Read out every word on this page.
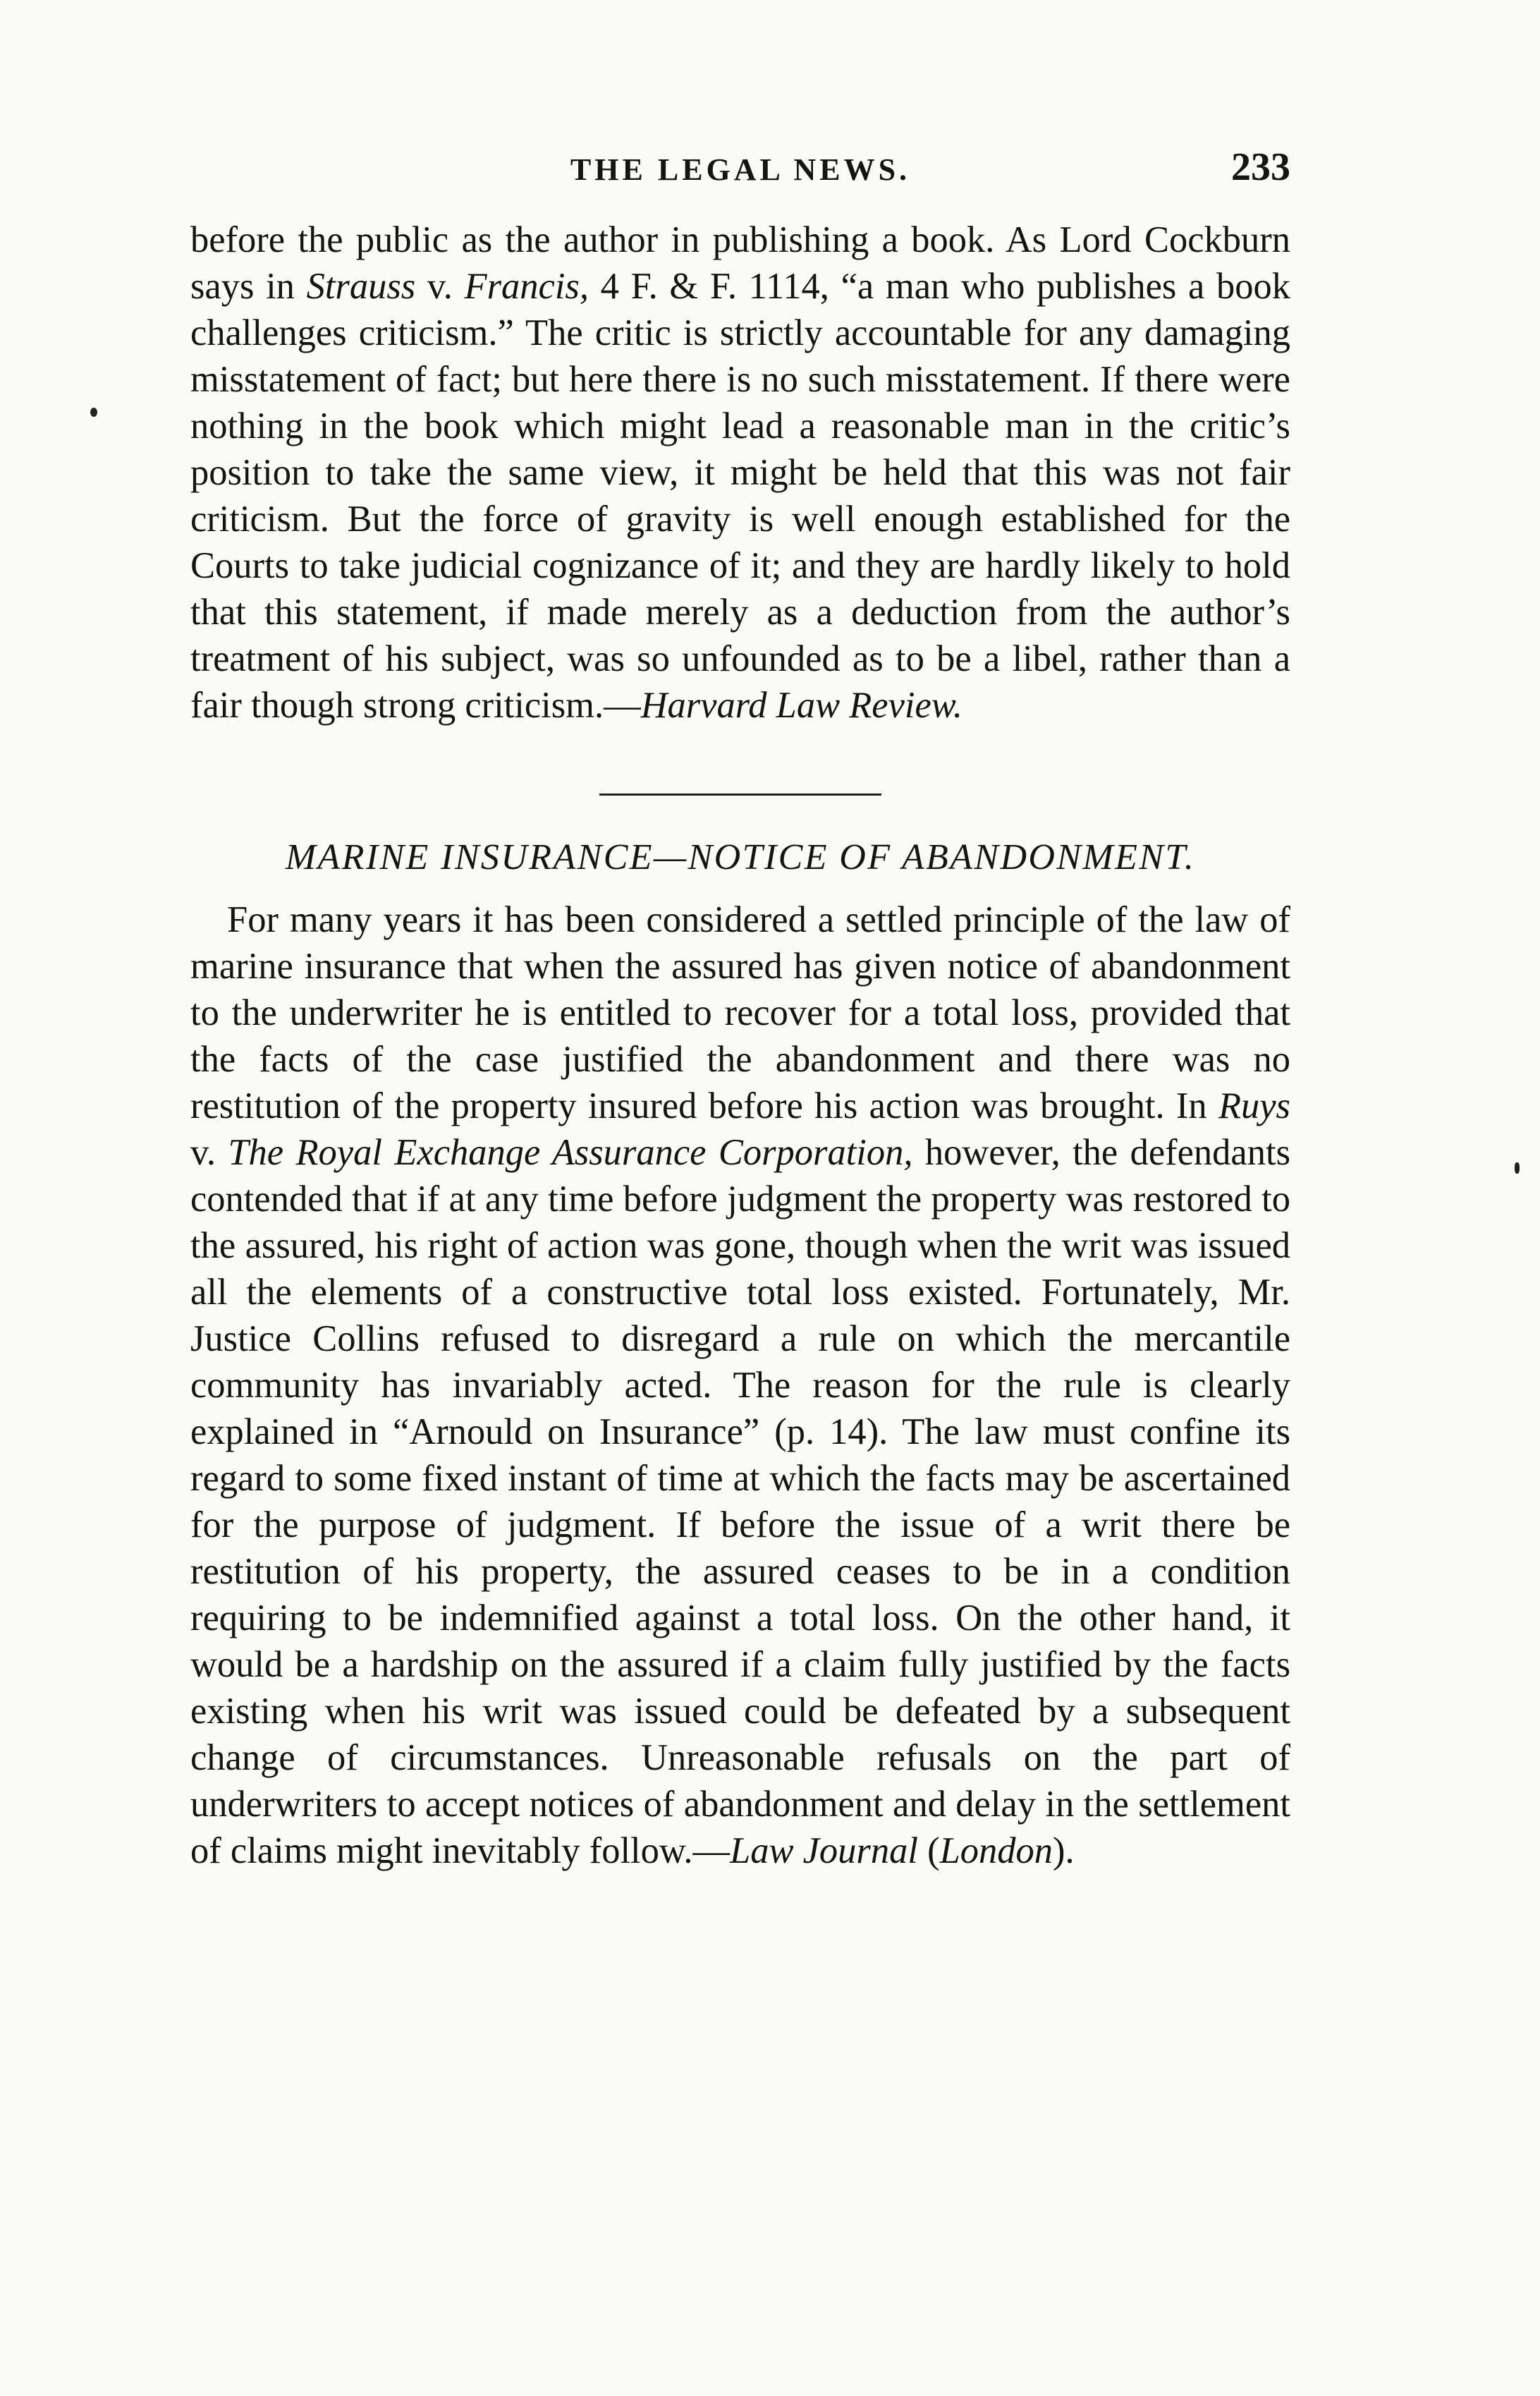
THE LEGAL NEWS.	233

before the public as the author in publishing a book. As Lord Cockburn says in Strauss v. Francis, 4 F. & F. 1114, “a man who publishes a book challenges criticism.” The critic is strictly accountable for any damaging misstatement of fact; but here there is no such misstatement. If there were nothing in the book which might lead a reasonable man in the critic’s position to take the same view, it might be held that this was not fair criticism. But the force of gravity is well enough established for the Courts to take judicial cognizance of it; and they are hardly likely to hold that this statement, if made merely as a deduction from the author’s treatment of his subject, was so unfounded as to be a libel, rather than a fair though strong criticism.—Harvard Law Review.

MARINE INSURANCE—NOTICE OF ABANDONMENT.

For many years it has been considered a settled principle of the law of marine insurance that when the assured has given notice of abandonment to the underwriter he is entitled to recover for a total loss, provided that the facts of the case justified the abandonment and there was no restitution of the property insured before his action was brought. In Ruys v. The Royal Exchange Assurance Corporation, however, the defendants contended that if at any time before judgment the property was restored to the assured, his right of action was gone, though when the writ was issued all the elements of a constructive total loss existed. Fortunately, Mr. Justice Collins refused to disregard a rule on which the mercantile community has invariably acted. The reason for the rule is clearly explained in “Arnould on Insurance” (p. 14). The law must confine its regard to some fixed instant of time at which the facts may be ascertained for the purpose of judgment. If before the issue of a writ there be restitution of his property, the assured ceases to be in a condition requiring to be indemnified against a total loss. On the other hand, it would be a hardship on the assured if a claim fully justified by the facts existing when his writ was issued could be defeated by a subsequent change of circumstances. Unreasonable refusals on the part of underwriters to accept notices of abandonment and delay in the settlement of claims might inevitably follow.—Law Journal (London).
